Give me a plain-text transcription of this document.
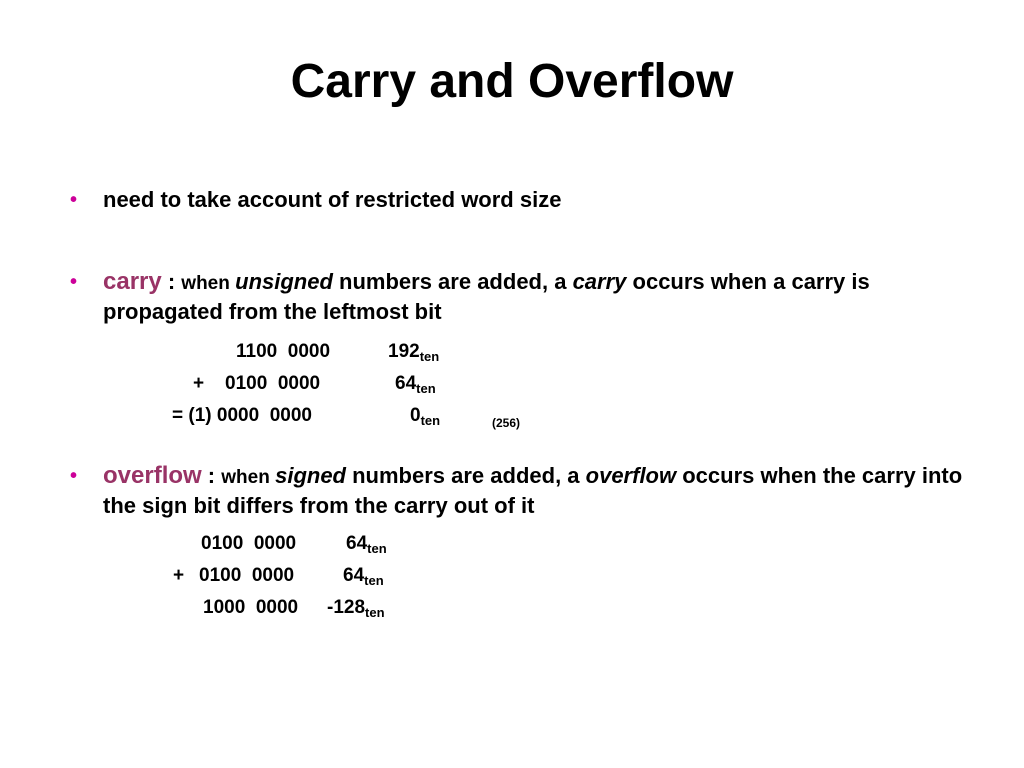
Carry and Overflow
• need to take account of restricted word size
• carry : when unsigned numbers are added, a carry occurs when a carry is propagated from the leftmost bit
1100  0000	$192_{ten}$
+ 0100  0000	$64_{ten}$
= (1) 0000  0000	$0_{ten}$	(256)
• overflow : when signed numbers are added, a overflow occurs when the carry into the sign bit differs from the carry out of it
0100  0000	$64_{ten}$
+ 0100  0000	$64_{ten}$
1000  0000 $-128_{ten}$
